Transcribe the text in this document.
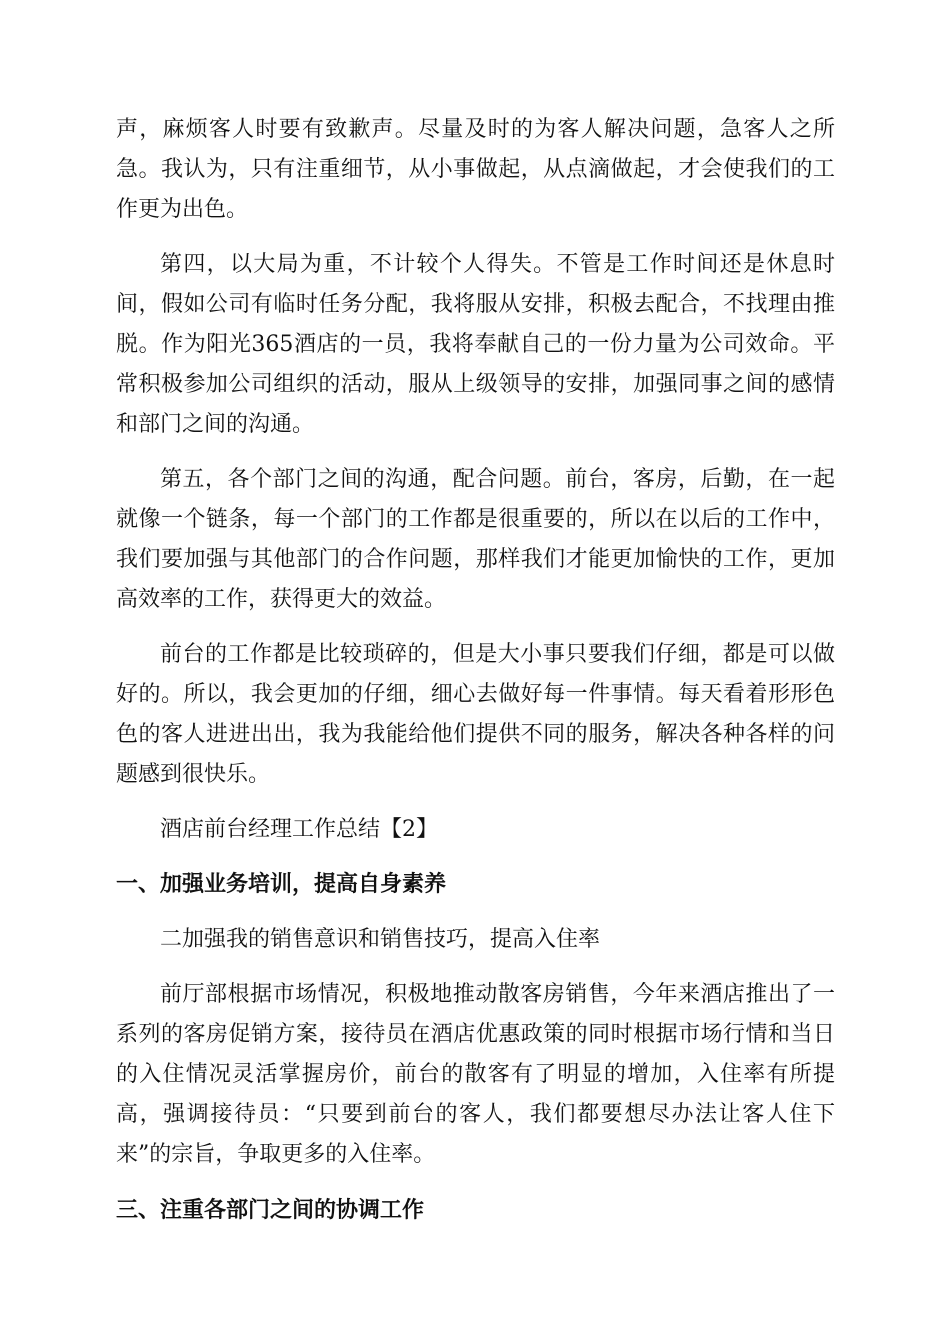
声，麻烦客人时要有致歉声。尽量及时的为客人解决问题，急客人之所急。我认为，只有注重细节，从小事做起，从点滴做起，才会使我们的工作更为出色。

第四，以大局为重，不计较个人得失。不管是工作时间还是休息时间，假如公司有临时任务分配，我将服从安排，积极去配合，不找理由推脱。作为阳光365酒店的一员，我将奉献自己的一份力量为公司效命。平常积极参加公司组织的活动，服从上级领导的安排，加强同事之间的感情和部门之间的沟通。

第五，各个部门之间的沟通，配合问题。前台，客房，后勤，在一起就像一个链条，每一个部门的工作都是很重要的，所以在以后的工作中，我们要加强与其他部门的合作问题，那样我们才能更加愉快的工作，更加高效率的工作，获得更大的效益。

前台的工作都是比较琐碎的，但是大小事只要我们仔细，都是可以做好的。所以，我会更加的仔细，细心去做好每一件事情。每天看着形形色色的客人进进出出，我为我能给他们提供不同的服务，解决各种各样的问题感到很快乐。

酒店前台经理工作总结【2】

一、加强业务培训，提高自身素养

二加强我的销售意识和销售技巧，提高入住率

前厅部根据市场情况，积极地推动散客房销售，今年来酒店推出了一系列的客房促销方案，接待员在酒店优惠政策的同时根据市场行情和当日的入住情况灵活掌握房价，前台的散客有了明显的增加，入住率有所提高，强调接待员：“只要到前台的客人，我们都要想尽办法让客人住下来”的宗旨，争取更多的入住率。

三、注重各部门之间的协调工作
